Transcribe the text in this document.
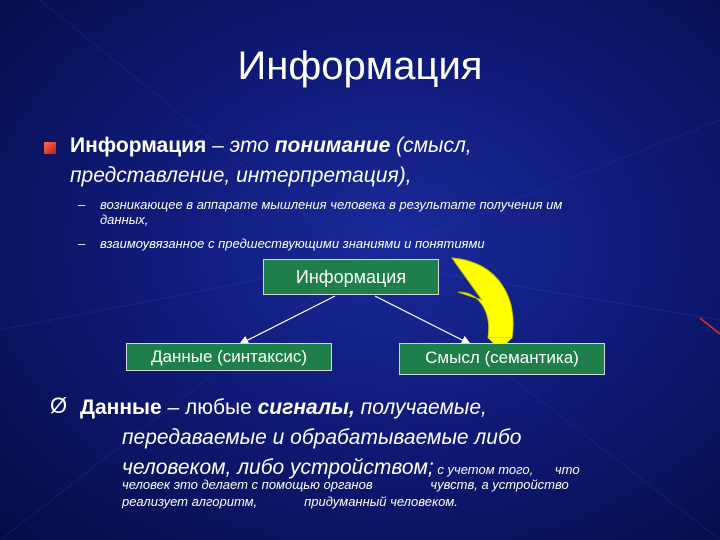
Информация
Информация – это понимание (смысл,
представление, интерпретация),
– возникающее в аппарате мышления человека в результате получения им
данных,
– взаимоувязанное с предшествующими знаниями и понятиями
Информация
Данные (синтаксис)	Смысл (семантика)
Ø Данные – любые сигналы, получаемые,

передаваемые и обрабатываемые либо
человеком, либо устройством; с учетом того,      что
человек это делает с помощью органов                чувств, а устройство
реализует алгоритм,             придуманный человеком.
